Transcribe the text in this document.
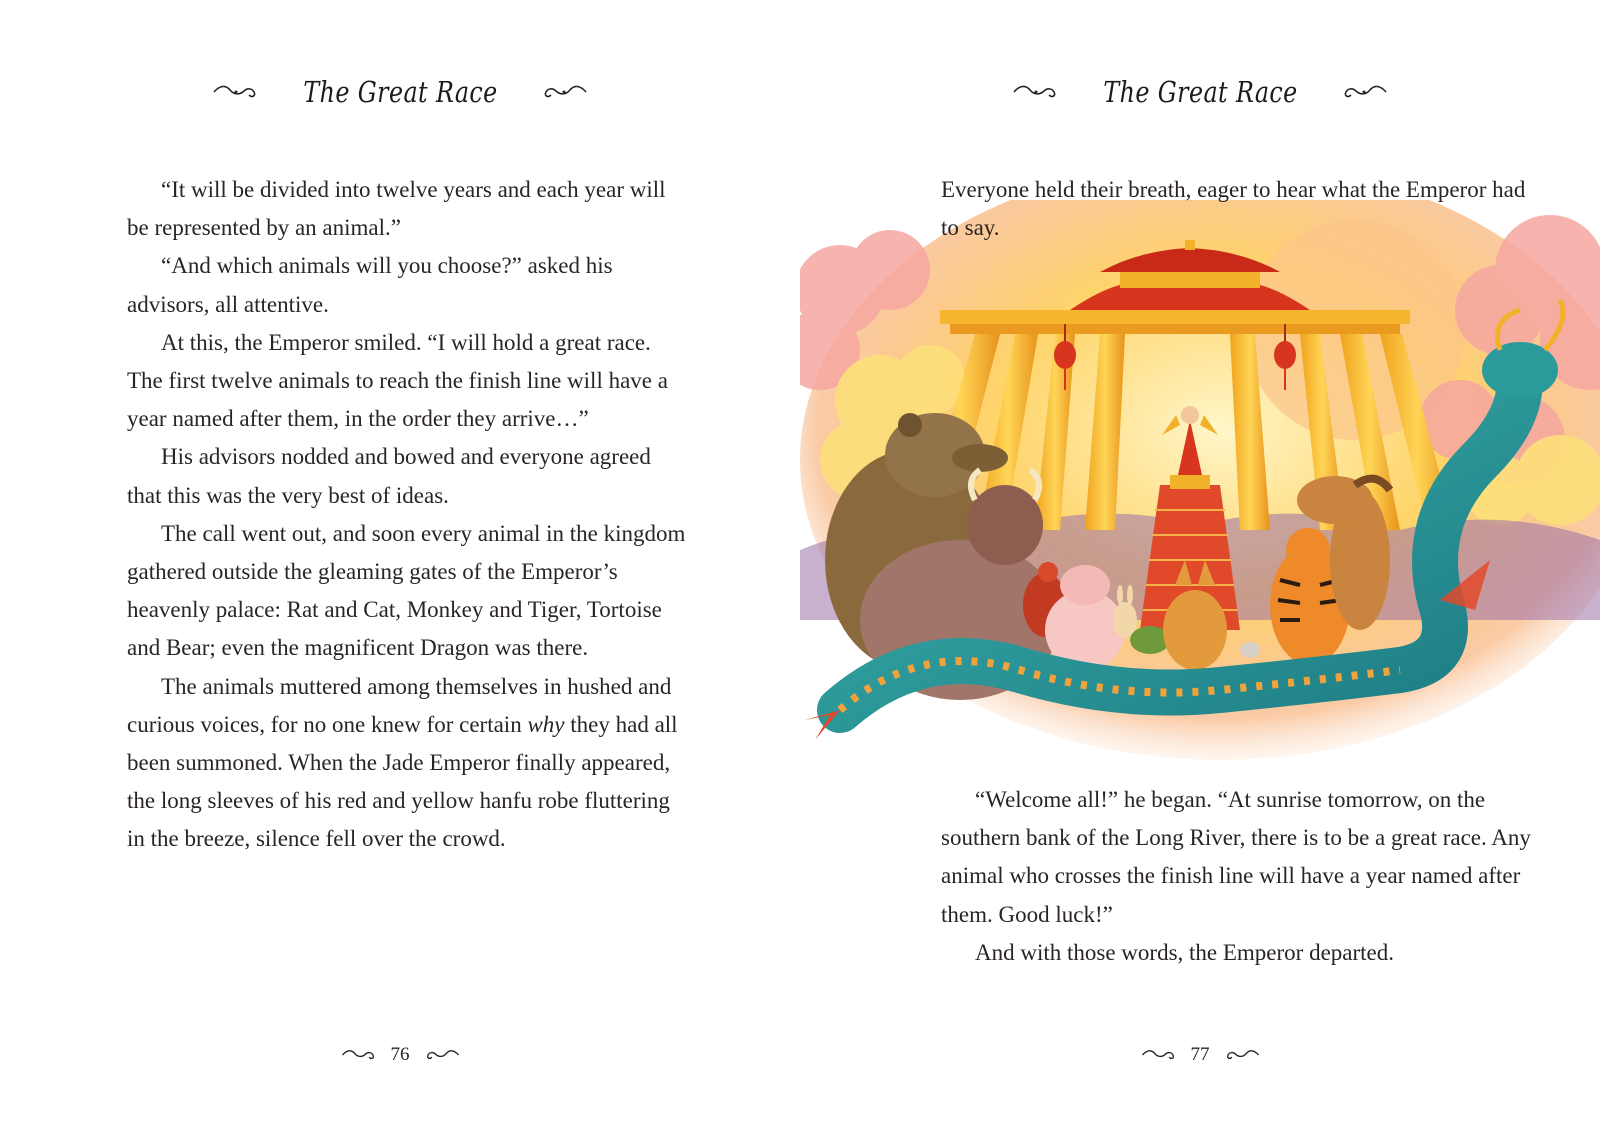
The Great Race

“It will be divided into twelve years and each year will be represented by an animal.”

“And which animals will you choose?” asked his advisors, all attentive.

At this, the Emperor smiled. “I will hold a great race. The first twelve animals to reach the finish line will have a year named after them, in the order they arrive…”

His advisors nodded and bowed and everyone agreed that this was the very best of ideas.

The call went out, and soon every animal in the kingdom gathered outside the gleaming gates of the Emperor’s heavenly palace: Rat and Cat, Monkey and Tiger, Tortoise and Bear; even the magnificent Dragon was there.

The animals muttered among themselves in hushed and curious voices, for no one knew for certain why they had all been summoned. When the Jade Emperor finally appeared, the long sleeves of his red and yellow hanfu robe fluttering in the breeze, silence fell over the crowd.

76
The Great Race

Everyone held their breath, eager to hear what the Emperor had to say.

“Welcome all!” he began. “At sunrise tomorrow, on the southern bank of the Long River, there is to be a great race. Any animal who crosses the finish line will have a year named after them. Good luck!”

And with those words, the Emperor departed.

77
